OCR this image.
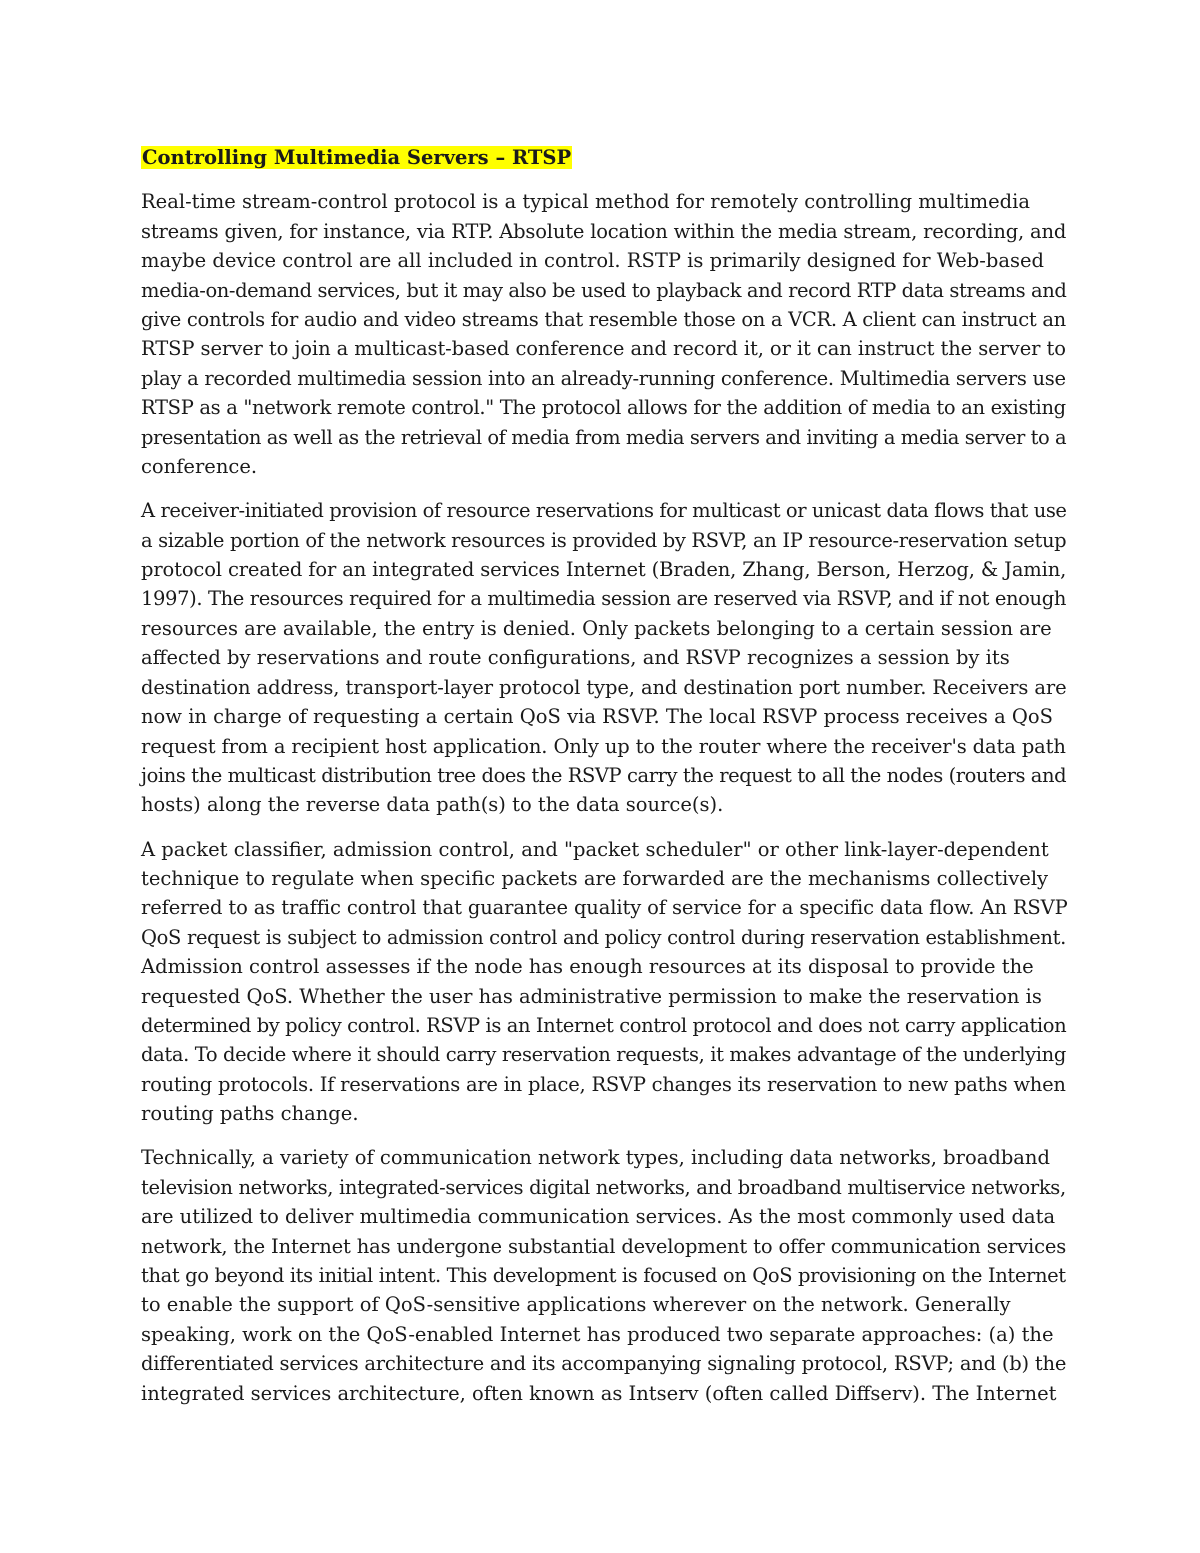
Controlling Multimedia Servers – RTSP
Real-time stream-control protocol is a typical method for remotely controlling multimedia
streams given, for instance, via RTP. Absolute location within the media stream, recording, and
maybe device control are all included in control. RSTP is primarily designed for Web-based
media-on-demand services, but it may also be used to playback and record RTP data streams and
give controls for audio and video streams that resemble those on a VCR. A client can instruct an
RTSP server to join a multicast-based conference and record it, or it can instruct the server to
play a recorded multimedia session into an already-running conference. Multimedia servers use
RTSP as a "network remote control." The protocol allows for the addition of media to an existing
presentation as well as the retrieval of media from media servers and inviting a media server to a
conference.
A receiver-initiated provision of resource reservations for multicast or unicast data flows that use
a sizable portion of the network resources is provided by RSVP, an IP resource-reservation setup
protocol created for an integrated services Internet (Braden, Zhang, Berson, Herzog, & Jamin,
1997). The resources required for a multimedia session are reserved via RSVP, and if not enough
resources are available, the entry is denied. Only packets belonging to a certain session are
affected by reservations and route configurations, and RSVP recognizes a session by its
destination address, transport-layer protocol type, and destination port number. Receivers are
now in charge of requesting a certain QoS via RSVP. The local RSVP process receives a QoS
request from a recipient host application. Only up to the router where the receiver's data path
joins the multicast distribution tree does the RSVP carry the request to all the nodes (routers and
hosts) along the reverse data path(s) to the data source(s).
A packet classifier, admission control, and "packet scheduler" or other link-layer-dependent
technique to regulate when specific packets are forwarded are the mechanisms collectively
referred to as traffic control that guarantee quality of service for a specific data flow. An RSVP
QoS request is subject to admission control and policy control during reservation establishment.
Admission control assesses if the node has enough resources at its disposal to provide the
requested QoS. Whether the user has administrative permission to make the reservation is
determined by policy control. RSVP is an Internet control protocol and does not carry application
data. To decide where it should carry reservation requests, it makes advantage of the underlying
routing protocols. If reservations are in place, RSVP changes its reservation to new paths when
routing paths change.
Technically, a variety of communication network types, including data networks, broadband
television networks, integrated-services digital networks, and broadband multiservice networks,
are utilized to deliver multimedia communication services. As the most commonly used data
network, the Internet has undergone substantial development to offer communication services
that go beyond its initial intent. This development is focused on QoS provisioning on the Internet
to enable the support of QoS-sensitive applications wherever on the network. Generally
speaking, work on the QoS-enabled Internet has produced two separate approaches: (a) the
differentiated services architecture and its accompanying signaling protocol, RSVP; and (b) the
integrated services architecture, often known as Intserv (often called Diffserv). The Internet
